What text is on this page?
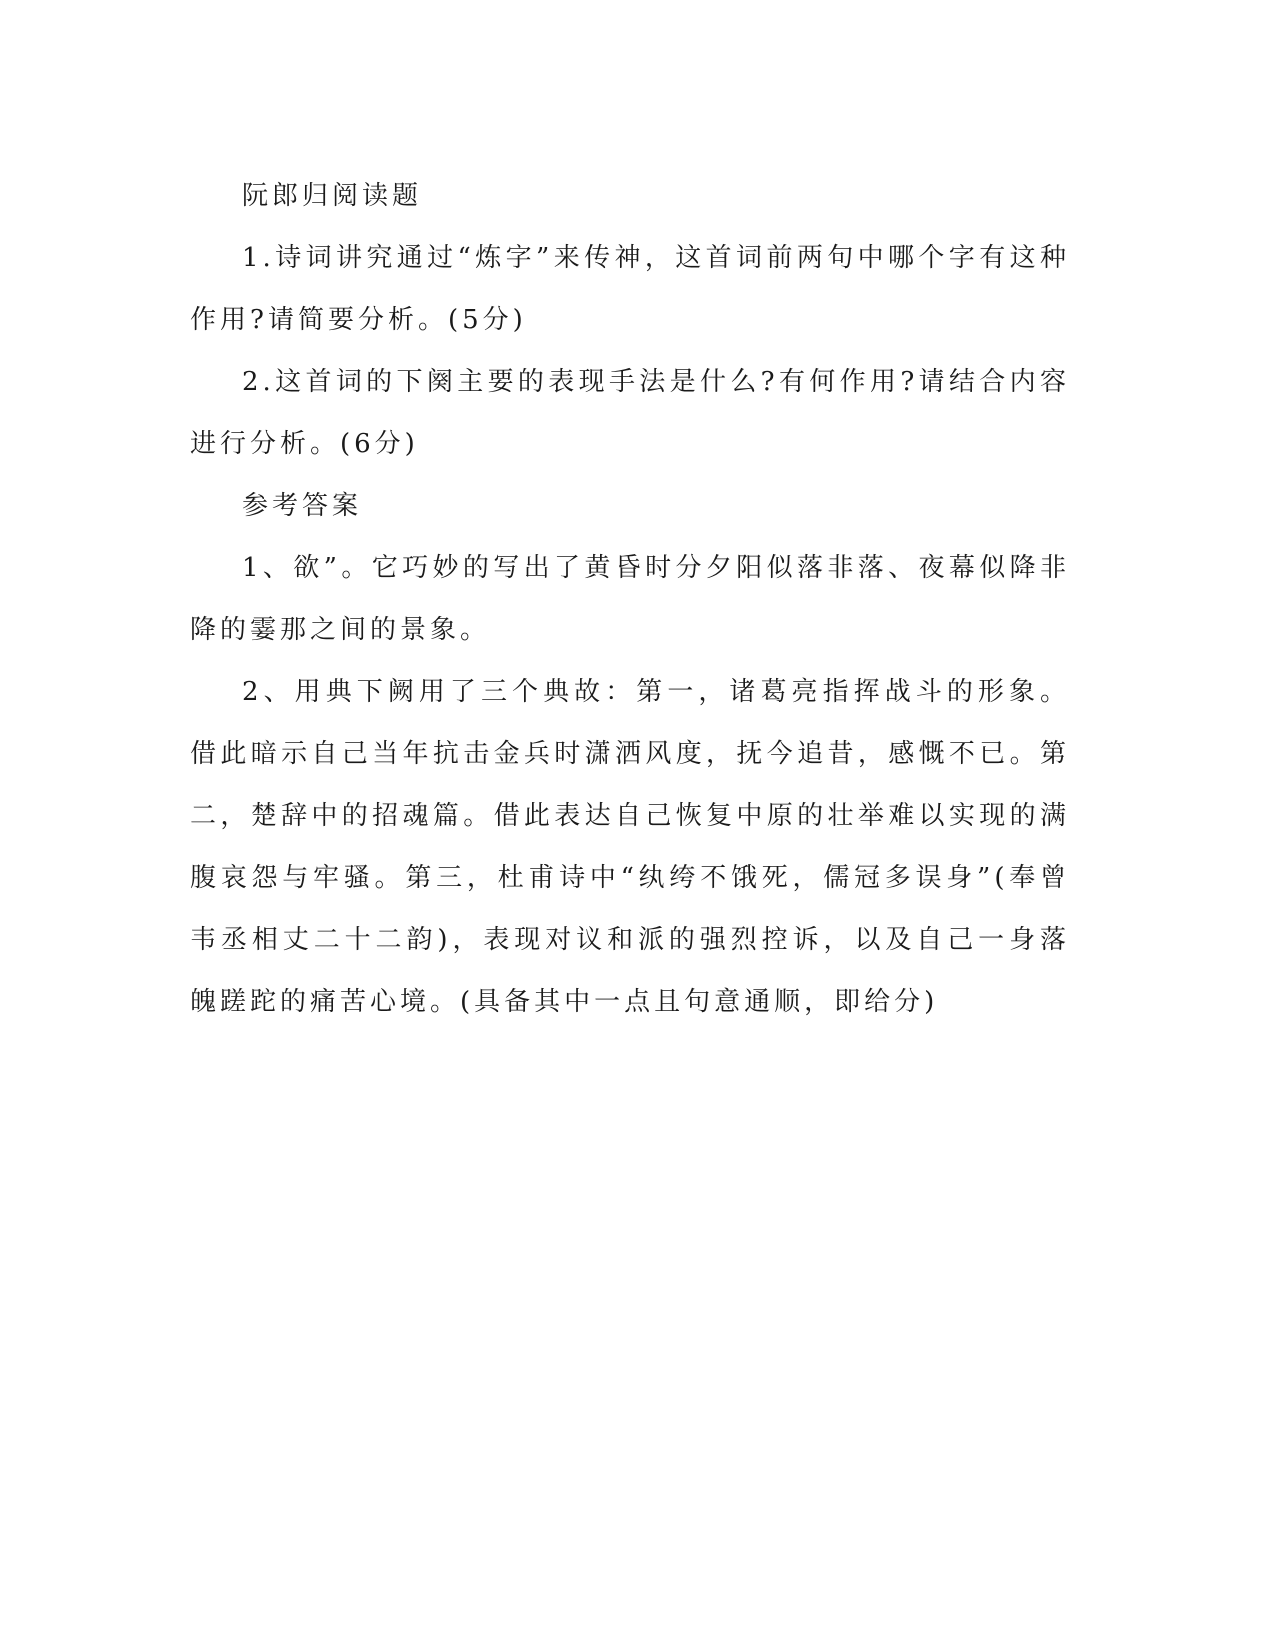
阮郎归阅读题

1.诗词讲究通过“炼字”来传神，这首词前两句中哪个字有这种作用?请简要分析。(5分)

2.这首词的下阕主要的表现手法是什么?有何作用?请结合内容进行分析。(6分)

参考答案

1、欲”。它巧妙的写出了黄昏时分夕阳似落非落、夜幕似降非降的霎那之间的景象。

2、用典下阙用了三个典故：第一，诸葛亮指挥战斗的形象。借此暗示自己当年抗击金兵时潇洒风度，抚今追昔，感慨不已。第二，楚辞中的招魂篇。借此表达自己恢复中原的壮举难以实现的满腹哀怨与牢骚。第三，杜甫诗中“纨绔不饿死，儒冠多误身”(奉曾韦丞相丈二十二韵)，表现对议和派的强烈控诉，以及自己一身落魄蹉跎的痛苦心境。(具备其中一点且句意通顺，即给分)
